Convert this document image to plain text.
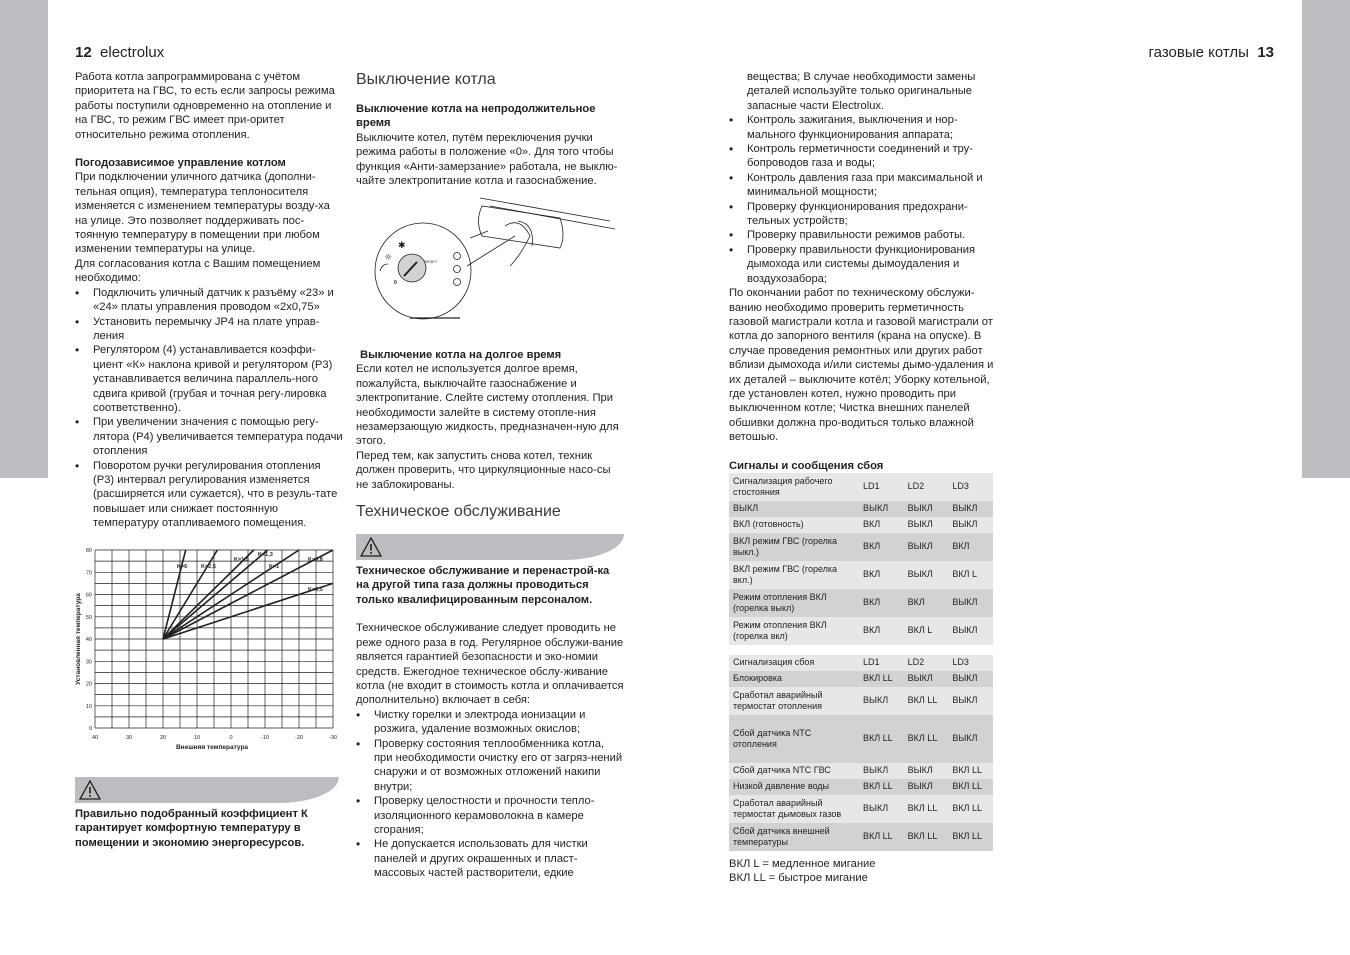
12 electrolux	газовые котлы 13

Работа котла запрограммирована с учётом приоритета на ГВС, то есть если запросы режима работы поступили одновременно на отопление и на ГВС, то режим ГВС имеет при-оритет относительно режима отопления.

Погодозависимое управление котлом

При подключении уличного датчика (дополни-тельная опция), температура теплоносителя изменяется с изменением температуры возду-ха на улице. Это позволяет поддерживать пос-тоянную температуру в помещении при любом изменении температуры на улице.

Для согласования котла с Вашим помещением необходимо:

• Подключить уличный датчик к разъёму «23» и «24» платы управления проводом «2x0,75»
• Установить перемычку JP4 на плате управ-ления
• Регулятором (4) устанавливается коэффи-циент «К» наклона кривой и регулятором (P3) устанавливается величина параллель-ного сдвига кривой (грубая и точная регу-лировка соответственно).
• При увеличении значения с помощью регу-лятора (P4) увеличивается температура подачи отопления
• Поворотом ручки регулирования отопления (P3) интервал регулирования изменяется (расширяется или сужается), что в резуль-тате повышает или снижает постоянную температуру отапливаемого помещения.
K=6	K=2,5
K=1,5
K=1,3
K=1
K=0,8
K=0,5
0
10
20
30
40
50
60
70
80
40	30	20	10	0	-10	-20	-30
Внешняя температура
Установленная температура

Правильно подобранный коэффициент К гарантирует комфортную температуру в помещении и экономию энергоресурсов.

Выключение котла

Выключение котла на непродолжительное время

Выключите котел, путём переключения ручки режима работы в положение «0». Для того чтобы функция «Анти-замерзание» работала, не выклю-чайте электропитание котла и газоснабжение.

✱
☼	RESET
0

Выключение котла на долгое время

Если котел не используется долгое время, пожалуйста, выключайте газоснабжение и электропитание. Слейте систему отопления. При необходимости залейте в систему отопле-ния незамерзающую жидкость, предназначен-ную для этого.

Перед тем, как запустить снова котел, техник должен проверить, что циркуляционные насо-сы не заблокированы.

Техническое обслуживание

Техническое обслуживание и перенастрой-ка на другой типа газа должны проводиться только квалифицированным персоналом.

Техническое обслуживание следует проводить не реже одного раза в год. Регулярное обслужи-вание является гарантией безопасности и эко-номии средств. Ежегодное техническое обслу-живание котла (не входит в стоимость котла и оплачивается дополнительно) включает в себя:

• Чистку горелки и электрода ионизации и розжига, удаление возможных окислов;
• Проверку состояния теплообменника котла, при необходимости очистку его от загряз-нений снаружи и от возможных отложений накипи внутри;
• Проверку целостности и прочности тепло-изоляционного керамоволокна в камере сгорания;
• Не допускается использовать для чистки панелей и других окрашенных и пласт-массовых частей растворители, едкие

вещества; В случае необходимости замены деталей используйте только оригинальные запасные части Electrolux.

• Контроль зажигания, выключения и нор-мального функционирования аппарата;
• Контроль герметичности соединений и тру-бопроводов газа и воды;
• Контроль давления газа при максимальной и минимальной мощности;
• Проверку функционирования предохрани-тельных устройств;
• Проверку правильности режимов работы.
• Проверку правильности функционирования дымохода или системы дымоудаления и воздухозабора;

По окончании работ по техническому обслужи-ванию необходимо проверить герметичность газовой магистрали котла и газовой магистрали от котла до запорного вентиля (крана на опуске). В случае проведения ремонтных или других работ вблизи дымохода и/или системы дымо-удаления и их деталей – выключите котёл; Уборку котельной, где установлен котел, нужно проводить при выключенном котле; Чистка внешних панелей обшивки должна про-водиться только влажной ветошью.

Сигналы и сообщения сбоя

Сигнализация рабочего стостояния	LD1	LD2	LD3
ВЫКЛ	ВЫКЛ	ВЫКЛ	ВЫКЛ
ВКЛ (готовность)	ВКЛ	ВЫКЛ	ВЫКЛ
ВКЛ режим ГВС (горелка выкл.)	ВКЛ	ВЫКЛ	ВКЛ
ВКЛ режим ГВС (горелка вкл.)	ВКЛ	ВЫКЛ	ВКЛ L
Режим отопления ВКЛ (горелка выкл)	ВКЛ	ВКЛ	ВЫКЛ
Режим отопления ВКЛ (горелка вкл)	ВКЛ	ВКЛ L	ВЫКЛ
Сигнализация сбоя	LD1	LD2	LD3
Блокировка	ВКЛ LL	ВЫКЛ	ВЫКЛ
Сработал аварийный термостат отопления	ВЫКЛ	ВКЛ LL	ВЫКЛ
Сбой датчика NTC отопления	ВКЛ LL	ВКЛ LL	ВЫКЛ
Сбой датчика NTC ГВС	ВЫКЛ	ВЫКЛ	ВКЛ LL
Низкой давление воды	ВКЛ LL	ВЫКЛ	ВКЛ LL
Сработал аварийный термостат дымовых газов	ВЫКЛ	ВКЛ LL	ВКЛ LL
Сбой датчика внешней температуры	ВКЛ LL	ВКЛ LL	ВКЛ LL

ВКЛ L = медленное мигание

ВКЛ LL = быстрое мигание
